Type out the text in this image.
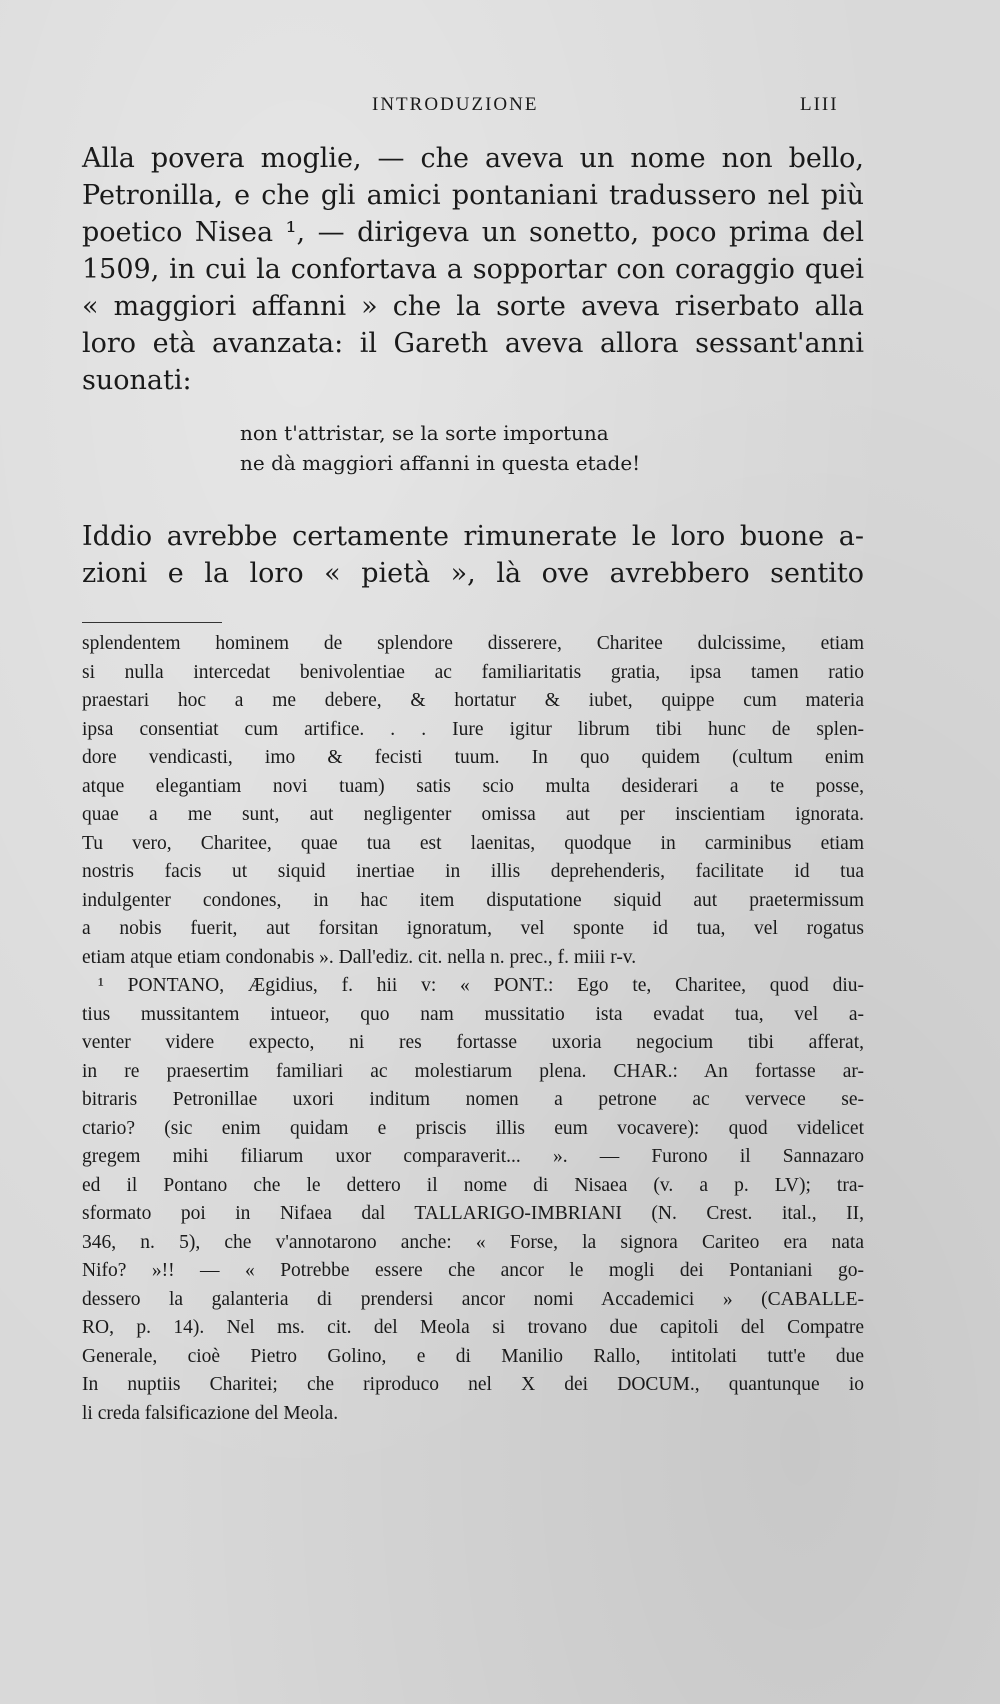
INTRODUZIONE	LIII
Alla povera moglie, — che aveva un nome non bello,
Petronilla, e che gli amici pontaniani tradussero nel più
poetico Nisea ¹, — dirigeva un sonetto, poco prima del
1509, in cui la confortava a sopportar con coraggio quei
« maggiori affanni » che la sorte aveva riserbato alla
loro età avanzata: il Gareth aveva allora sessant'anni
suonati:
non t'attristar, se la sorte importuna
ne dà maggiori affanni in questa etade!
Iddio avrebbe certamente rimunerate le loro buone a-
zioni e la loro « pietà », là ove avrebbero sentito
splendentem hominem de splendore disserere, Charitee dulcissime, etiam
si nulla intercedat benivolentiae ac familiaritatis gratia, ipsa tamen ratio
praestari hoc a me debere, & hortatur & iubet, quippe cum materia
ipsa consentiat cum artifice. . . Iure igitur librum tibi hunc de splen-
dore vendicasti, imo & fecisti tuum. In quo quidem (cultum enim
atque elegantiam novi tuam) satis scio multa desiderari a te posse,
quae a me sunt, aut negligenter omissa aut per inscientiam ignorata.
Tu vero, Charitee, quae tua est laenitas, quodque in carminibus etiam
nostris facis ut siquid inertiae in illis deprehenderis, facilitate id tua
indulgenter condones, in hac item disputatione siquid aut praetermissum
a nobis fuerit, aut forsitan ignoratum, vel sponte id tua, vel rogatus
etiam atque etiam condonabis ». Dall'ediz. cit. nella n. prec., f. miii r-v.
¹ PONTANO, Ægidius, f. hii v: « PONT.: Ego te, Charitee, quod diu-
tius mussitantem intueor, quo nam mussitatio ista evadat tua, vel a-
venter videre expecto, ni res fortasse uxoria negocium tibi afferat,
in re praesertim familiari ac molestiarum plena. CHAR.: An fortasse ar-
bitraris Petronillae uxori inditum nomen a petrone ac vervece se-
ctario? (sic enim quidam e priscis illis eum vocavere): quod videlicet
gregem mihi filiarum uxor comparaverit... ». — Furono il Sannazaro
ed il Pontano che le dettero il nome di Nisaea (v. a p. LV); tra-
sformato poi in Nifaea dal TALLARIGO-IMBRIANI (N. Crest. ital., II,
346, n. 5), che v'annotarono anche: « Forse, la signora Cariteo era nata
Nifo? »!! — « Potrebbe essere che ancor le mogli dei Pontaniani go-
dessero la galanteria di prendersi ancor nomi Accademici » (CABALLE-
RO, p. 14). Nel ms. cit. del Meola si trovano due capitoli del Compatre
Generale, cioè Pietro Golino, e di Manilio Rallo, intitolati tutt'e due
In nuptiis Charitei; che riproduco nel X dei DOCUM., quantunque io
li creda falsificazione del Meola.
